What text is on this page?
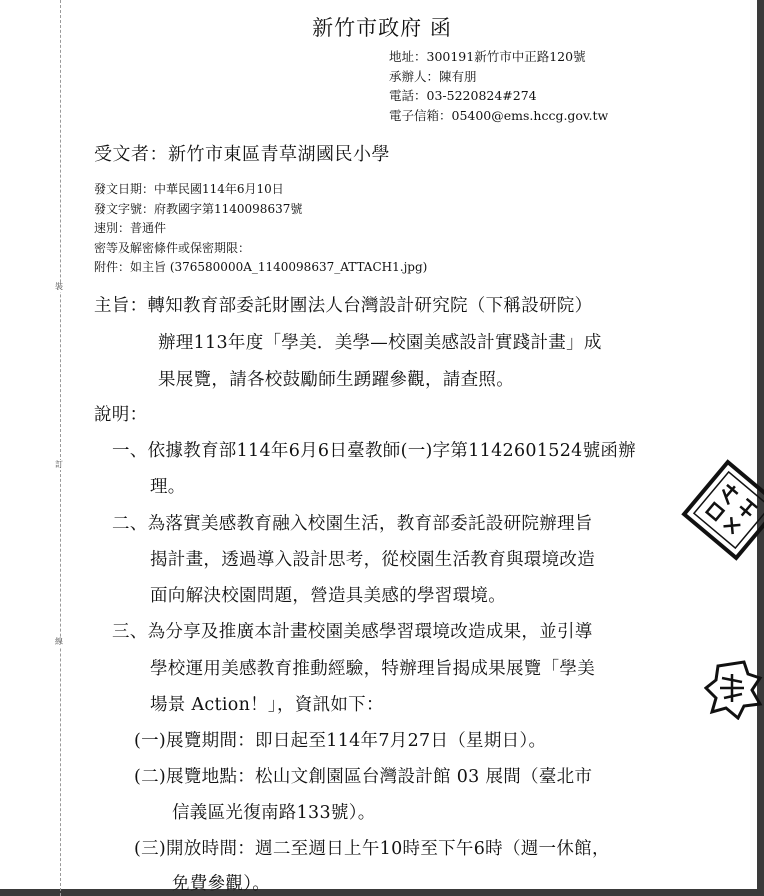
裝
訂
線
新竹市政府 函
地址：300191新竹市中正路120號
承辦人：陳有朋
電話：03-5220824#274
電子信箱：05400@ems.hccg.gov.tw
受文者：新竹市東區青草湖國民小學
發文日期：中華民國114年6月10日
發文字號：府教國字第1140098637號
速別：普通件
密等及解密條件或保密期限：
附件：如主旨 (376580000A_1140098637_ATTACH1.jpg)
主旨：轉知教育部委託財團法人台灣設計研究院（下稱設研院）
辦理113年度「學美．美學—校園美感設計實踐計畫」成
果展覽，請各校鼓勵師生踴躍參觀，請查照。
說明：
一、依據教育部114年6月6日臺教師(一)字第1142601524號函辦
理。
二、為落實美感教育融入校園生活，教育部委託設研院辦理旨
揭計畫，透過導入設計思考，從校園生活教育與環境改造
面向解決校園問題，營造具美感的學習環境。
三、為分享及推廣本計畫校園美感學習環境改造成果，並引導
學校運用美感教育推動經驗，特辦理旨揭成果展覽「學美
場景 Action！」，資訊如下：
(一)展覽期間：即日起至114年7月27日（星期日）。
(二)展覽地點：松山文創園區台灣設計館 03 展間（臺北市
信義區光復南路133號）。
(三)開放時間：週二至週日上午10時至下午6時（週一休館，
免費參觀）。
